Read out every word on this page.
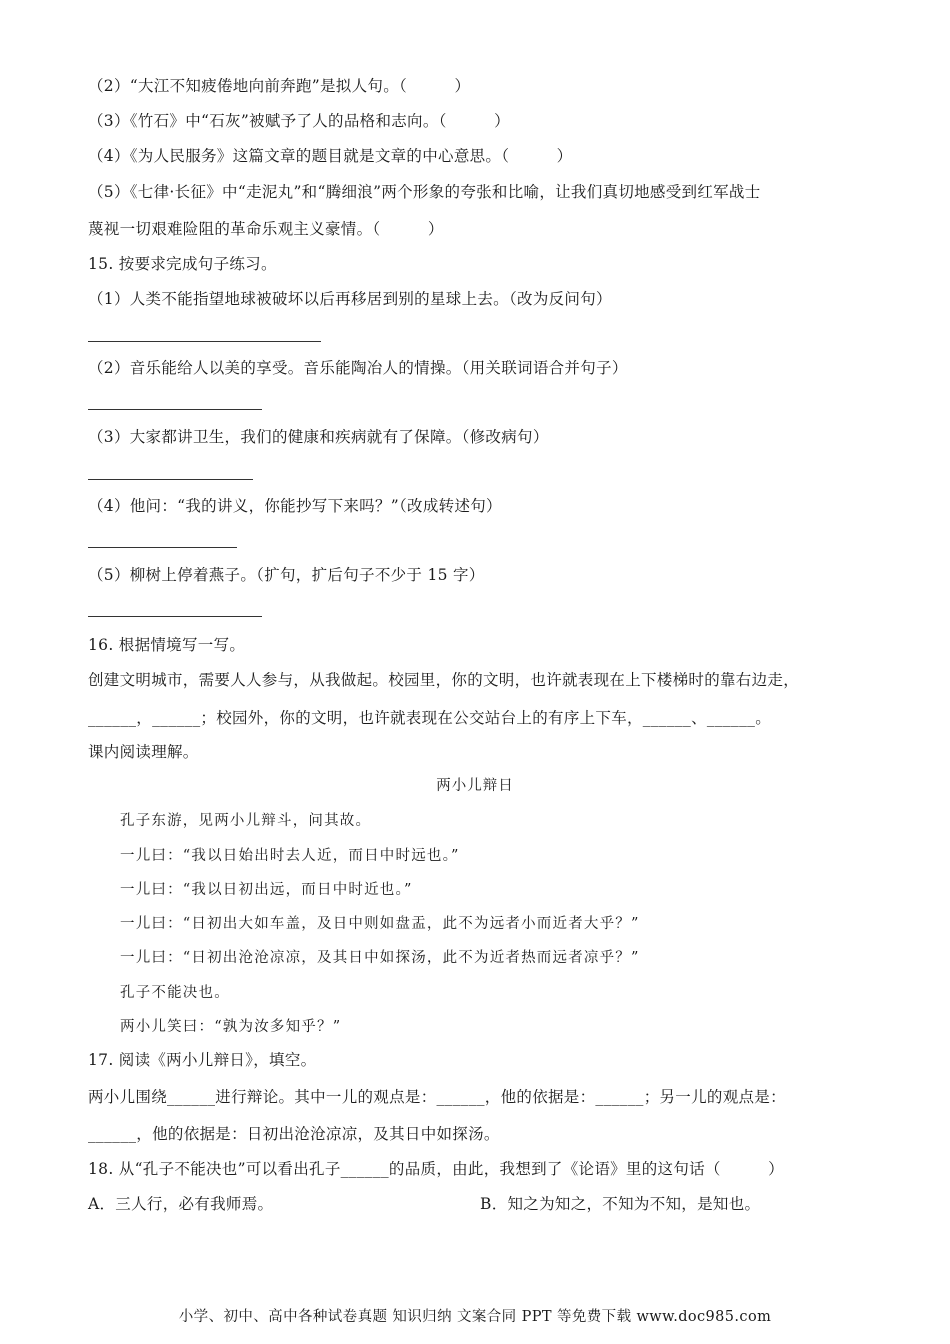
（2）“大江不知疲倦地向前奔跑”是拟人句。（　　　）
（3）《竹石》中“石灰”被赋予了人的品格和志向。（　　　）
（4）《为人民服务》这篇文章的题目就是文章的中心意思。（　　　）
（5）《七律·长征》中“走泥丸”和“腾细浪”两个形象的夸张和比喻，让我们真切地感受到红军战士
蔑视一切艰难险阻的革命乐观主义豪情。（　　　）
15. 按要求完成句子练习。
（1）人类不能指望地球被破坏以后再移居到别的星球上去。（改为反问句）
（2）音乐能给人以美的享受。音乐能陶冶人的情操。（用关联词语合并句子）
（3）大家都讲卫生，我们的健康和疾病就有了保障。（修改病句）
（4）他问：“我的讲义，你能抄写下来吗？”（改成转述句）
（5）柳树上停着燕子。（扩句，扩后句子不少于 15 字）
16. 根据情境写一写。
创建文明城市，需要人人参与，从我做起。校园里，你的文明，也许就表现在上下楼梯时的靠右边走，
______，______；校园外，你的文明，也许就表现在公交站台上的有序上下车，______、______。
课内阅读理解。
两小儿辩日
孔子东游，见两小儿辩斗，问其故。
一儿曰：“我以日始出时去人近，而日中时远也。”
一儿曰：“我以日初出远，而日中时近也。”
一儿曰：“日初出大如车盖，及日中则如盘盂，此不为远者小而近者大乎？”
一儿曰：“日初出沧沧凉凉，及其日中如探汤，此不为近者热而远者凉乎？”
孔子不能决也。
两小儿笑曰：“孰为汝多知乎？”
17. 阅读《两小儿辩日》，填空。
两小儿围绕______进行辩论。其中一儿的观点是：______，他的依据是：______；另一儿的观点是：
______，他的依据是：日初出沧沧凉凉，及其日中如探汤。
18. 从“孔子不能决也”可以看出孔子______的品质，由此，我想到了《论语》里的这句话（　　　）
A．三人行，必有我师焉。	B．知之为知之，不知为不知，是知也。
小学、初中、高中各种试卷真题 知识归纳 文案合同 PPT 等免费下载 www.doc985.com
